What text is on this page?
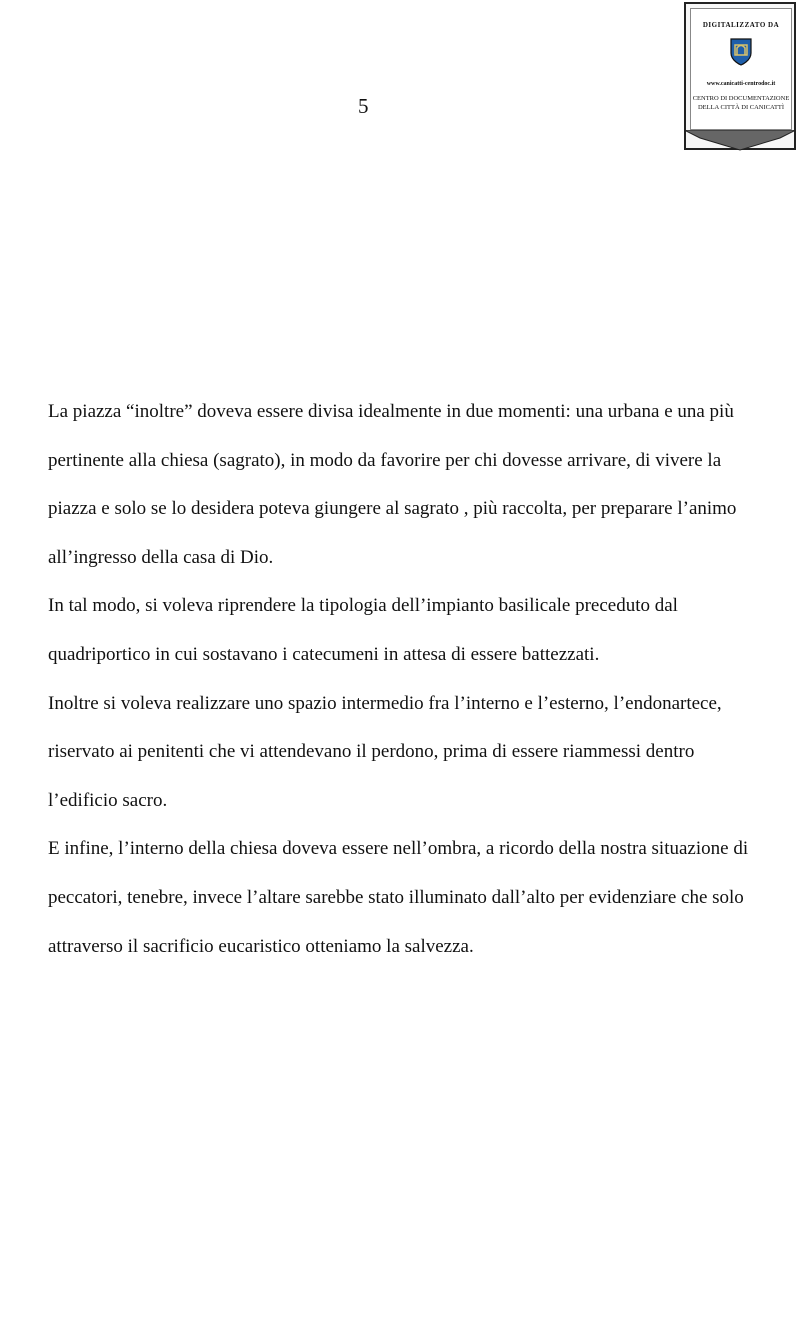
DIGITALIZZATO DA
www.canicatti-centrodoc.it
CENTRO DI DOCUMENTAZIONE
DELLA CITTÀ DI CANICATTÌ
5

La piazza “inoltre” doveva essere divisa idealmente in due momenti: una urbana e una più pertinente alla chiesa (sagrato), in modo da favorire per chi dovesse arrivare, di vivere la piazza e solo se lo desidera poteva giungere al sagrato , più raccolta, per preparare l’animo all’ingresso della casa di Dio.

In tal modo, si voleva riprendere la tipologia dell’impianto basilicale preceduto dal quadriportico in cui sostavano i catecumeni in attesa di essere battezzati.

Inoltre si voleva realizzare uno spazio intermedio fra l’interno e l’esterno, l’endonartece, riservato ai penitenti che vi attendevano il perdono, prima di essere riammessi dentro l’edificio sacro.

E infine, l’interno della chiesa doveva essere nell’ombra, a ricordo della nostra situazione di peccatori, tenebre, invece l’altare sarebbe stato illuminato dall’alto per evidenziare che solo attraverso il sacrificio eucaristico otteniamo la salvezza.
